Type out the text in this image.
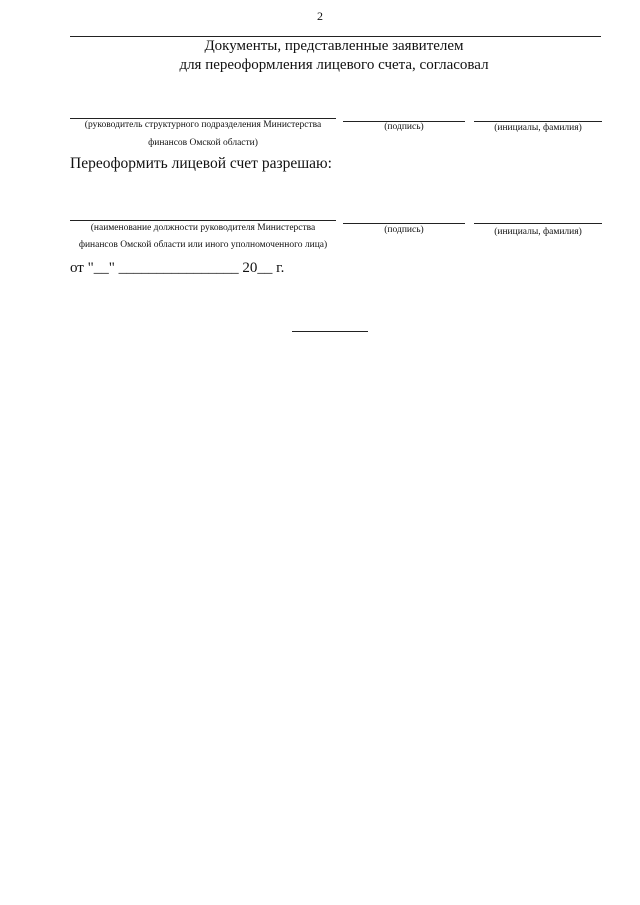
2
Документы, представленные заявителем
для переоформления лицевого счета, согласовал
(руководитель структурного подразделения Министерства
финансов Омской области)
(подпись)	(инициалы, фамилия)
Переоформить лицевой счет разрешаю:
(наименование должности руководителя Министерства
финансов Омской области или иного уполномоченного лица)
(подпись)	(инициалы, фамилия)
от "__" ________________ 20__ г.
